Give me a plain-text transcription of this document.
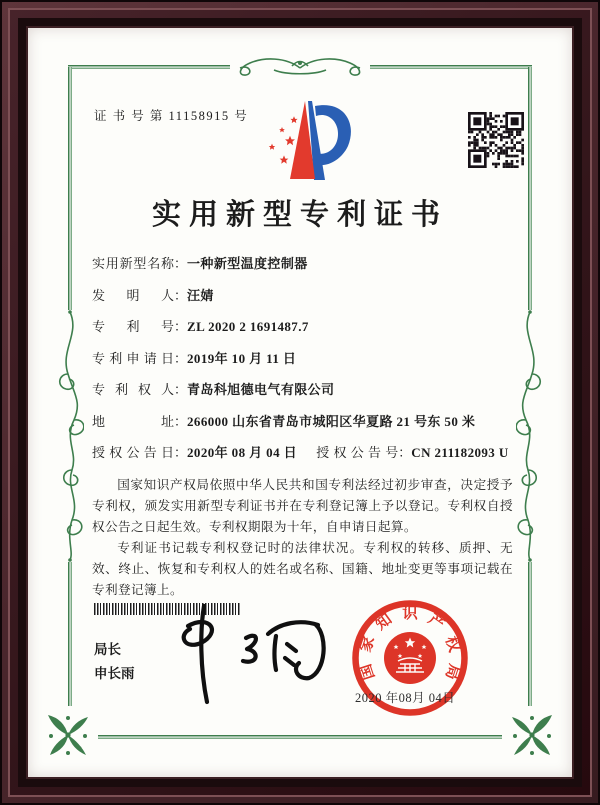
证 书 号 第 11158915 号
实用新型专利证书
实用新型名称：一种新型温度控制器
发明人：汪婧
专利号：ZL 2020 2 1691487.7
专利申请日：2019年 10 月 11 日
专利权人：青岛科旭德电气有限公司
地址：266000 山东省青岛市城阳区华夏路 21 号东 50 米
授权公告日：2020年 08 月 04 日 授权公告号：CN 211182093 U

国家知识产权局依照中华人民共和国专利法经过初步审查，决定授予专利权，颁发实用新型专利证书并在专利登记簿上予以登记。专利权自授权公告之日起生效。专利权期限为十年，自申请日起算。

专利证书记载专利权登记时的法律状况。专利权的转移、质押、无效、终止、恢复和专利权人的姓名或名称、国籍、地址变更等事项记载在专利登记簿上。

局长
申长雨	国
家
知 识 产
权
局
2020 年08月 04日
